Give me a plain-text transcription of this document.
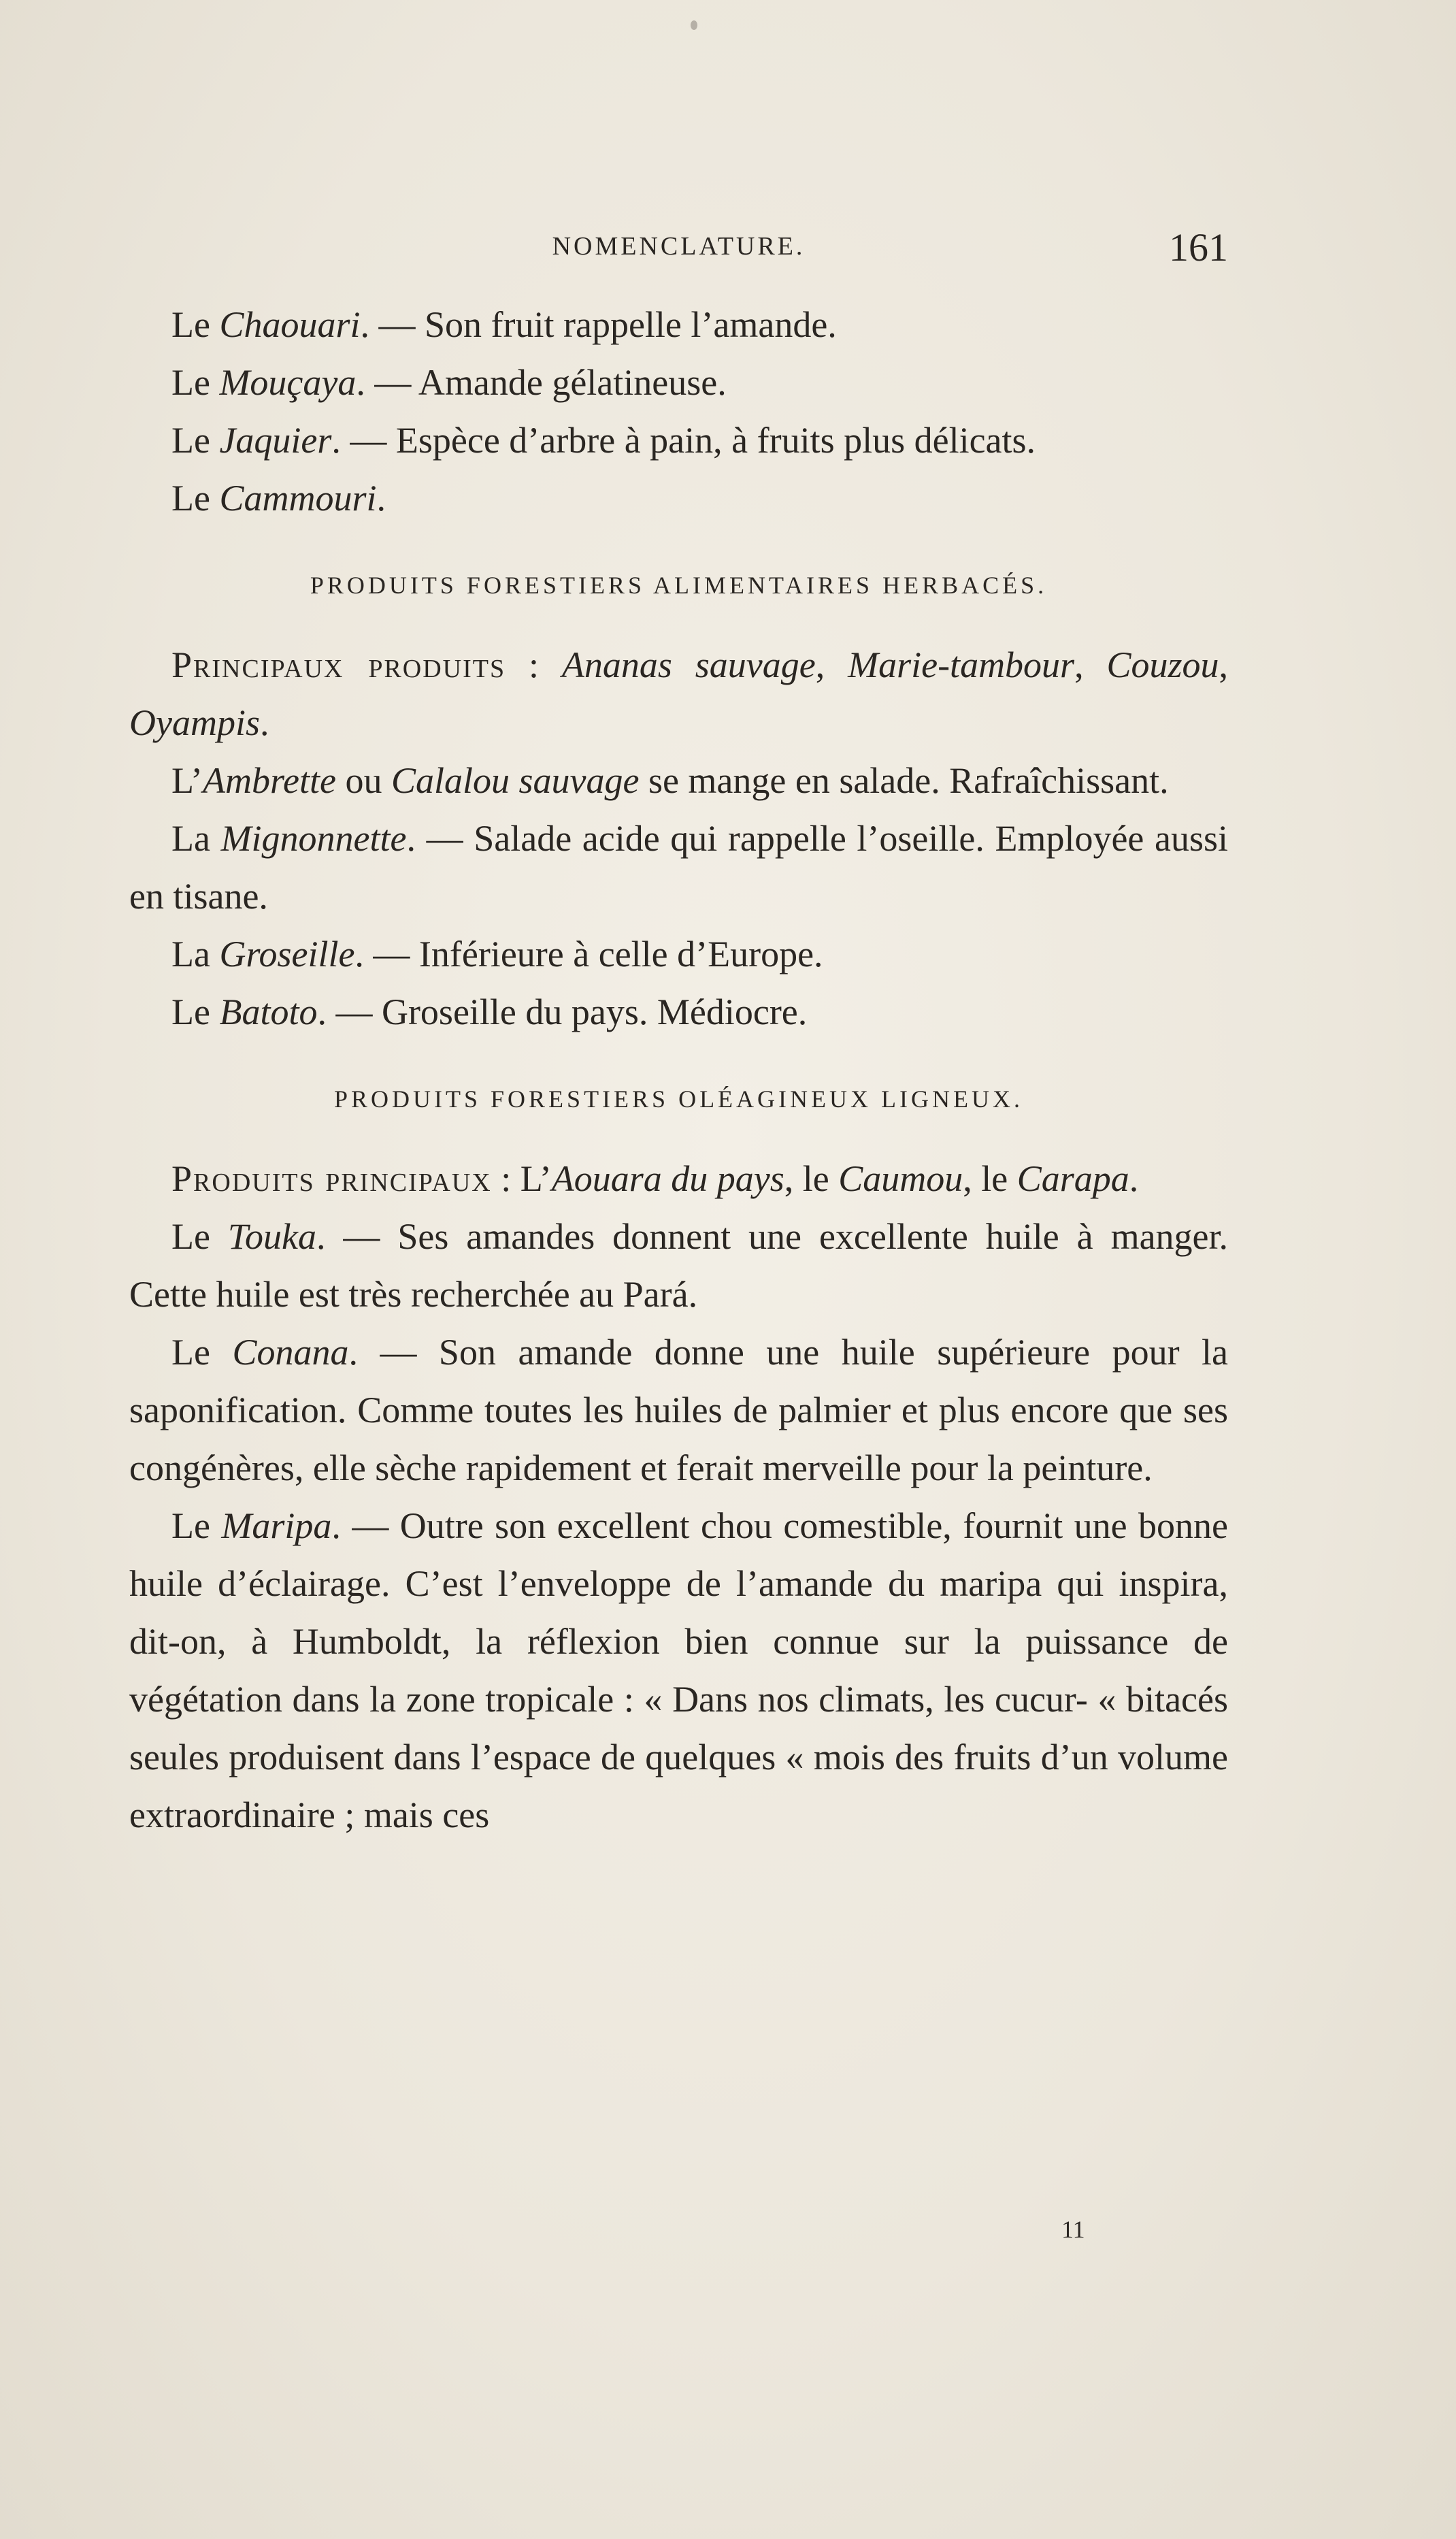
NOMENCLATURE.	161

Le Chaouari. — Son fruit rappelle l’amande.

Le Mouçaya. — Amande gélatineuse.

Le Jaquier. — Espèce d’arbre à pain, à fruits plus délicats.

Le Cammouri.

PRODUITS FORESTIERS ALIMENTAIRES HERBACÉS.

Principaux produits : Ananas sauvage, Marie-tambour, Couzou, Oyampis.

L’Ambrette ou Calalou sauvage se mange en salade. Rafraîchissant.

La Mignonnette. — Salade acide qui rappelle l’oseille. Employée aussi en tisane.

La Groseille. — Inférieure à celle d’Europe.

Le Batoto. — Groseille du pays. Médiocre.

PRODUITS FORESTIERS OLÉAGINEUX LIGNEUX.

Produits principaux : L’Aouara du pays, le Caumou, le Carapa.

Le Touka. — Ses amandes donnent une excellente huile à manger. Cette huile est très recherchée au Pará.

Le Conana. — Son amande donne une huile supérieure pour la saponification. Comme toutes les huiles de palmier et plus encore que ses congénères, elle sèche rapidement et ferait merveille pour la peinture.

Le Maripa. — Outre son excellent chou comestible, fournit une bonne huile d’éclairage. C’est l’enveloppe de l’amande du maripa qui inspira, dit-on, à Humboldt, la réflexion bien connue sur la puissance de végétation dans la zone tropicale : « Dans nos climats, les cucur- « bitacés seules produisent dans l’espace de quelques « mois des fruits d’un volume extraordinaire ; mais ces

11
